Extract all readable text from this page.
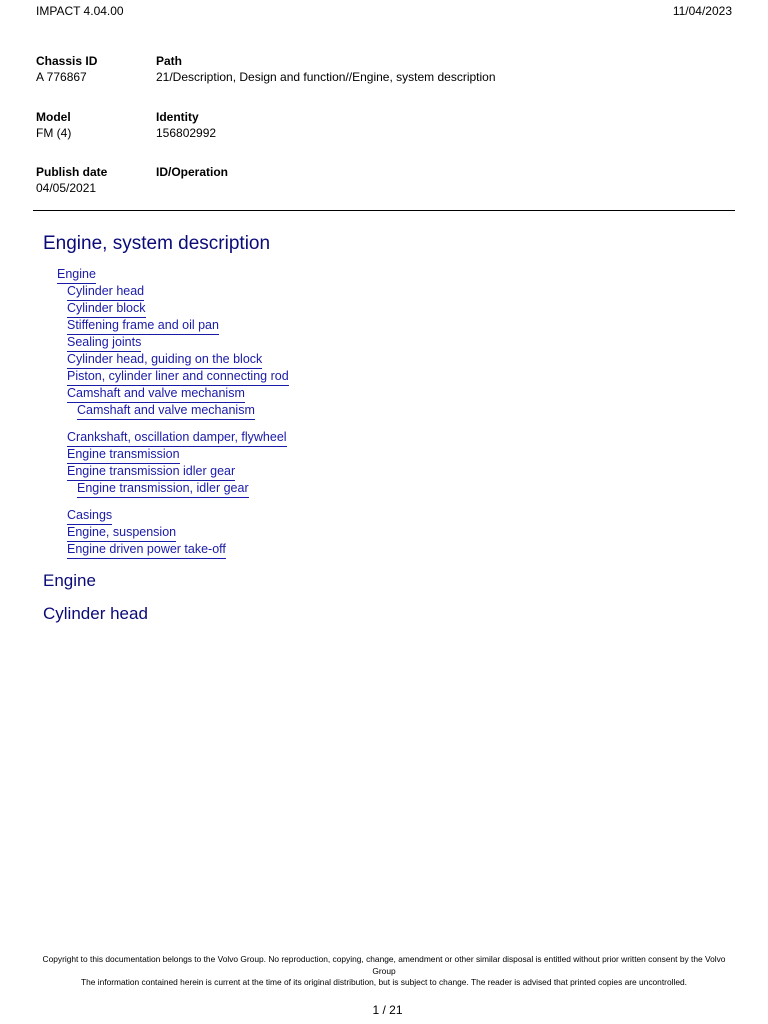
IMPACT 4.04.00	11/04/2023
Chassis ID
A 776867
Path
21/Description, Design and function//Engine, system description
Model
FM (4)
Identity
156802992
Publish date
04/05/2021
ID/Operation
Engine, system description
Engine
Cylinder head
Cylinder block
Stiffening frame and oil pan
Sealing joints
Cylinder head, guiding on the block
Piston, cylinder liner and connecting rod
Camshaft and valve mechanism
Camshaft and valve mechanism
Crankshaft, oscillation damper, flywheel
Engine transmission
Engine transmission idler gear
Engine transmission, idler gear
Casings
Engine, suspension
Engine driven power take-off
Engine
Cylinder head
Copyright to this documentation belongs to the Volvo Group. No reproduction, copying, change, amendment or other similar disposal is entitled without prior written consent by the Volvo Group
The information contained herein is current at the time of its original distribution, but is subject to change. The reader is advised that printed copies are uncontrolled.
1 / 21
